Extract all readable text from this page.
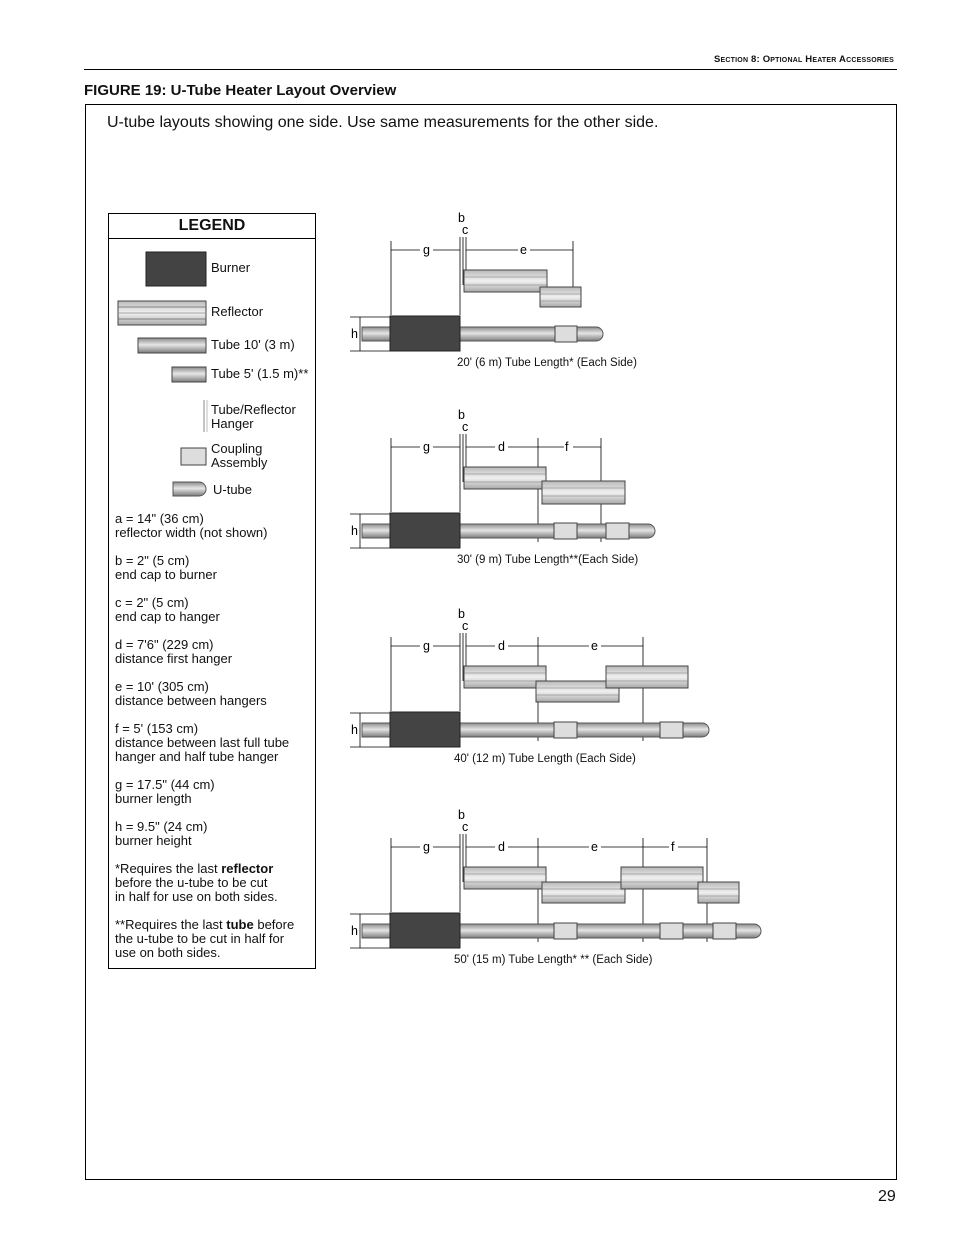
Section 8: Optional Heater Accessories
FIGURE 19: U-Tube Heater Layout Overview
U-tube layouts showing one side. Use same measurements for the other side.
LEGEND
Burner
Reflector
Tube 10' (3 m)
Tube 5' (1.5 m)**
Tube/Reflector
Hanger
Coupling
Assembly
U-tube
a = 14" (36 cm)
reflector width (not shown)
b = 2" (5 cm)
end cap to burner
c = 2" (5 cm)
end cap to hanger
d = 7'6" (229 cm)
distance first hanger
e = 10' (305 cm)
distance between hangers
f = 5' (153 cm)
distance between last full tube
hanger and half tube hanger
g = 17.5" (44 cm)
burner length
h = 9.5" (24 cm)
burner height
*Requires the last reflector
before the u-tube to be cut
in half for use on both sides.
**Requires the last tube before
the u-tube to be cut in half for
use on both sides.
b
c
g	e
h
20' (6 m) Tube Length* (Each Side)
b
c
g	d	f
h
30' (9 m) Tube Length**(Each Side)
b
c
g	d	e
h
40' (12 m) Tube Length (Each Side)
b
c
g	d	e	f
h
50' (15 m) Tube Length* ** (Each Side)
29
